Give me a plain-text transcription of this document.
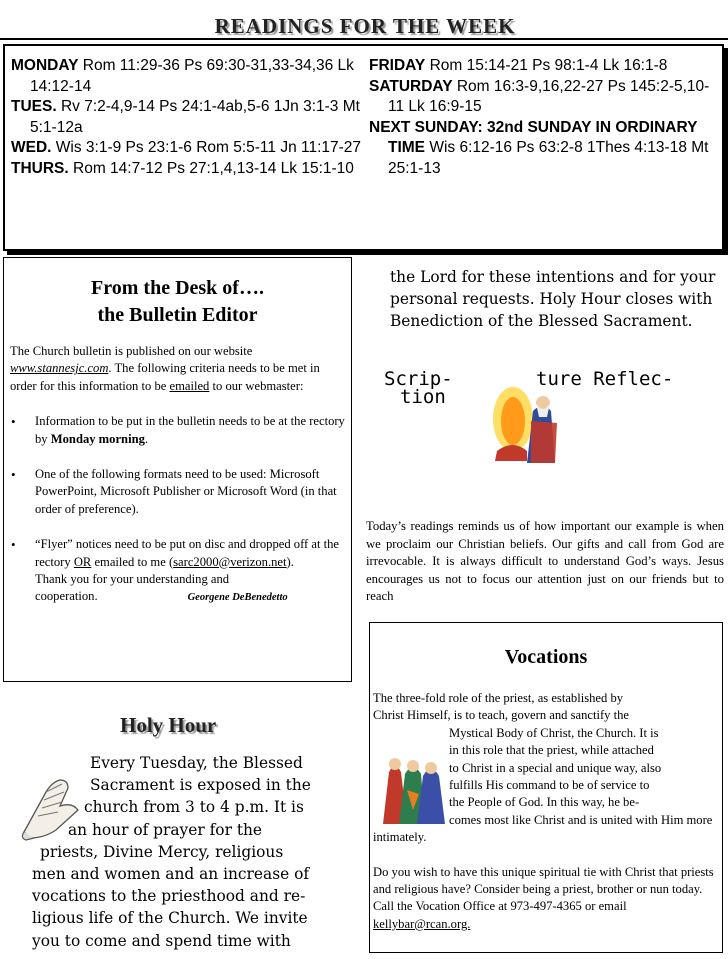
READINGS FOR THE WEEK
MONDAY Rom 11:29-36 Ps 69:30-31,33-34,36 Lk 14:12-14
TUES. Rv 7:2-4,9-14 Ps 24:1-4ab,5-6 1Jn 3:1-3 Mt 5:1-12a
WED. Wis 3:1-9 Ps 23:1-6 Rom 5:5-11 Jn 11:17-27
THURS. Rom 14:7-12 Ps 27:1,4,13-14 Lk 15:1-10
FRIDAY Rom 15:14-21 Ps 98:1-4 Lk 16:1-8
SATURDAY Rom 16:3-9,16,22-27 Ps 145:2-5,10-11 Lk 16:9-15
NEXT SUNDAY: 32nd SUNDAY IN ORDINARY TIME Wis 6:12-16 Ps 63:2-8 1Thes 4:13-18 Mt 25:1-13
From the Desk of….
the Bulletin Editor

The Church bulletin is published on our website www.stannesjc.com. The following criteria needs to be met in order for this information to be emailed to our webmaster:

• Information to be put in the bulletin needs to be at the rectory by Monday morning.
• One of the following formats need to be used: Microsoft PowerPoint, Microsoft Publisher or Microsoft Word (in that order of preference).
• “Flyer” notices need to be put on disc and dropped off at the rectory OR emailed to me (sarc2000@verizon.net).
Thank you for your understanding and cooperation.	Georgene DeBenedetto
Holy Hour
Every Tuesday, the Blessed
Sacrament is exposed in the
church from 3 to 4 p.m. It is
an hour of prayer for the
priests, Divine Mercy, religious
men and women and an increase of
vocations to the priesthood and re-
ligious life of the Church. We invite
you to come and spend time with
the Lord for these intentions and for your personal requests. Holy Hour closes with Benediction of the Blessed Sacrament.
Scrip-
tion
ture Reflec-
Today’s readings reminds us of how important our example is when we proclaim our Christian beliefs. Our gifts and call from God are irrevocable. It is always difficult to understand God’s ways. Jesus encourages us not to focus our attention just on our friends but to reach
Vocations
The three-fold role of the priest, as established by
Christ Himself, is to teach, govern and sanctify the
Mystical Body of Christ, the Church. It is
in this role that the priest, while attached
to Christ in a special and unique way, also
fulfills His command to be of service to
the People of God. In this way, he be-
comes most like Christ and is united with Him more
intimately.

Do you wish to have this unique spiritual tie with Christ that priests and religious have? Consider being a priest, brother or nun today. Call the Vocation Office at 973-497-4365 or email kellybar@rcan.org.
